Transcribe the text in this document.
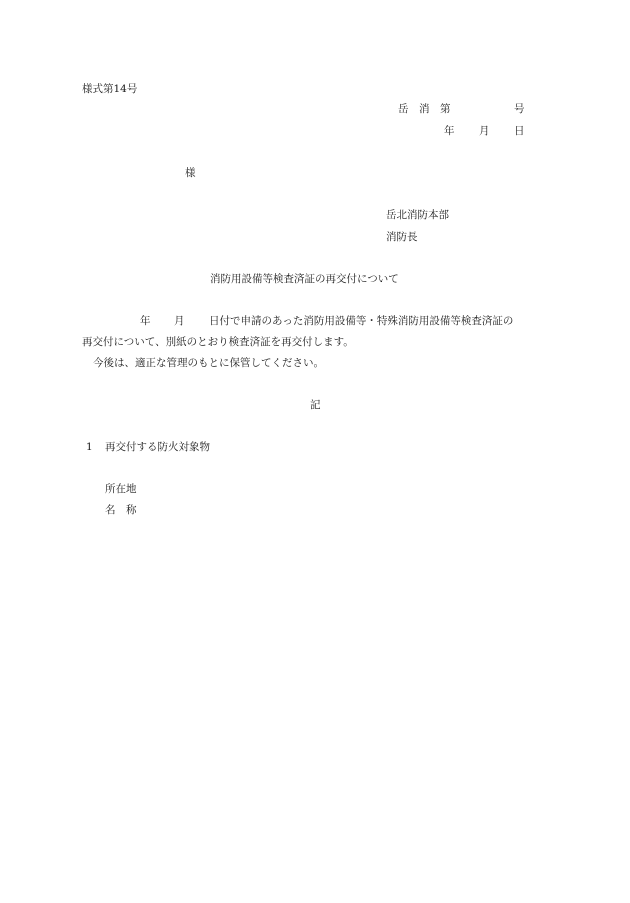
様式第14号
岳　消　第	号
年 月 日
様
岳北消防本部
消防長
消防用設備等検査済証の再交付について
年 月 日付で申請のあった消防用設備等・特殊消防用設備等検査済証の
再交付について、別紙のとおり検査済証を再交付します。
今後は、適正な管理のもとに保管してください。
記
1 再交付する防火対象物
所在地
名　称
